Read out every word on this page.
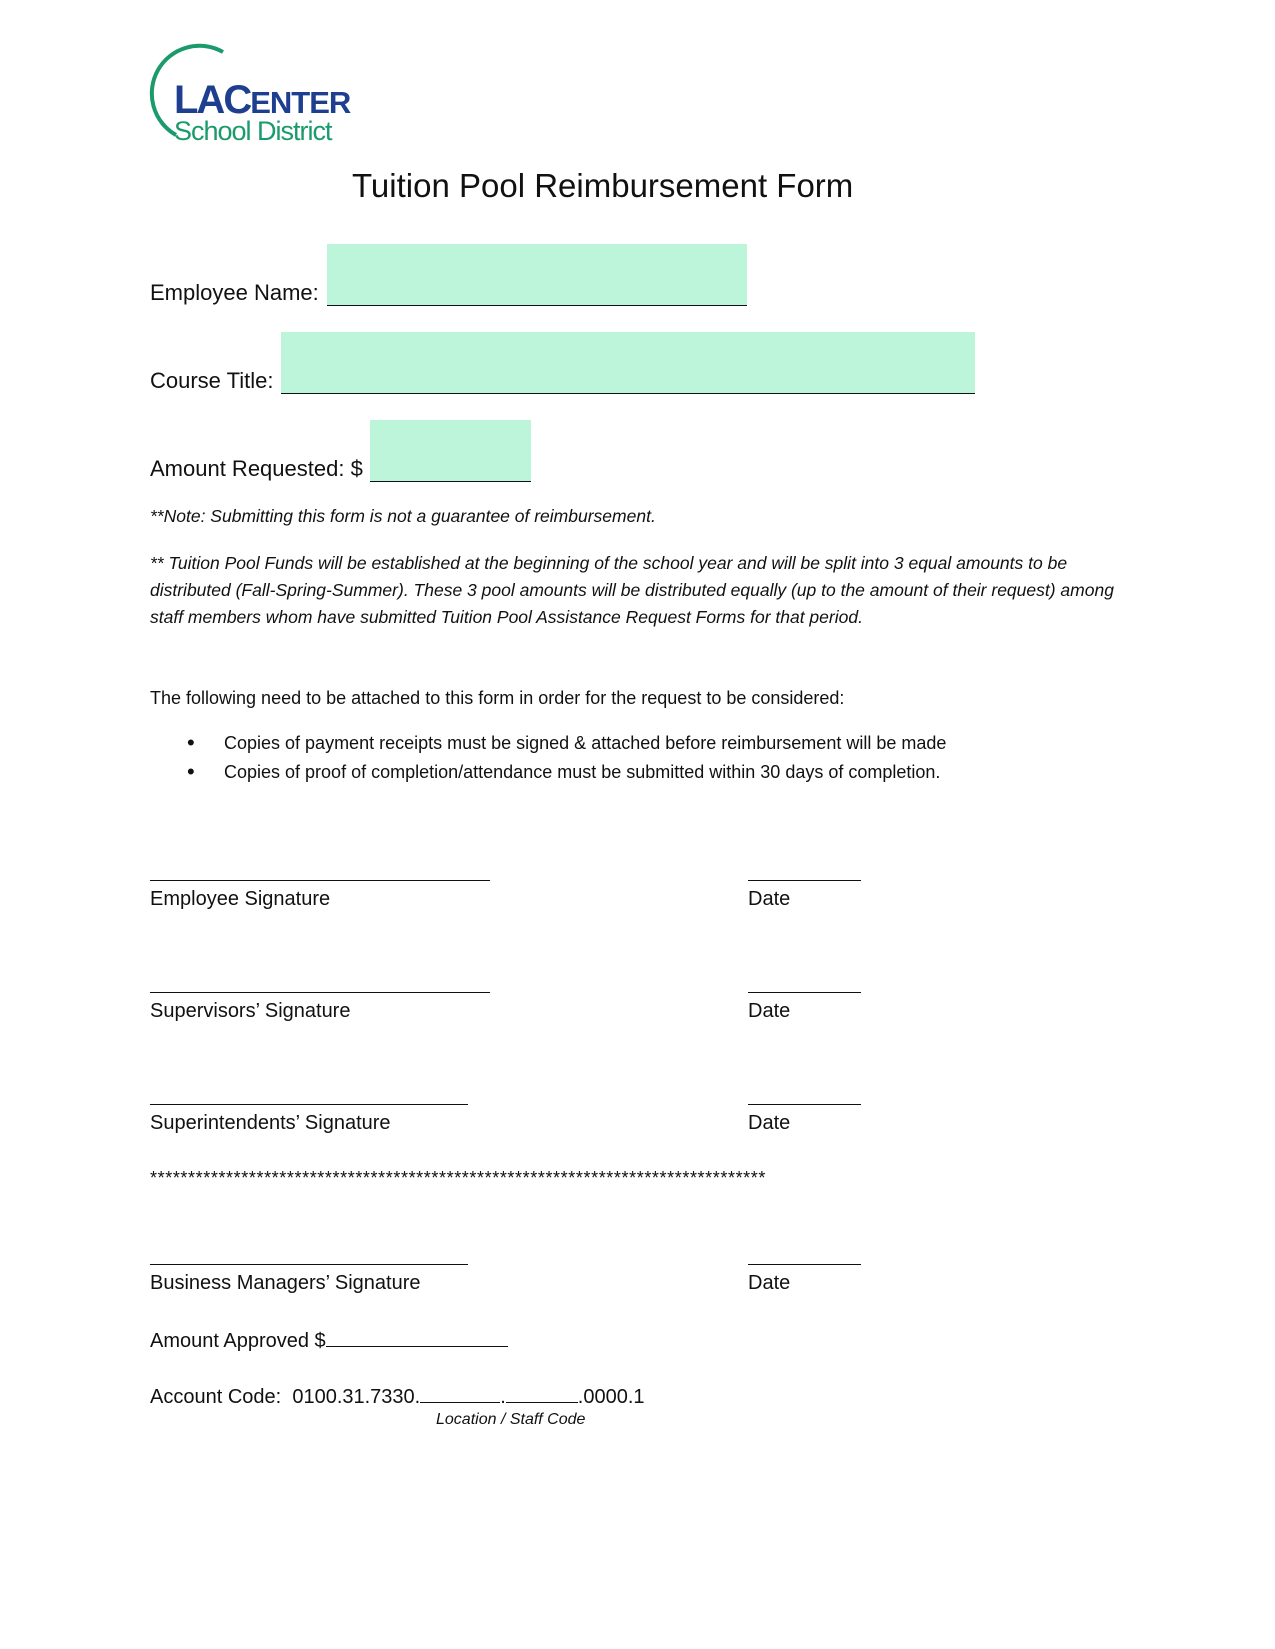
LACENTER
School District
Tuition Pool Reimbursement Form
Employee Name:
Course Title:
Amount Requested: $
**Note: Submitting this form is not a guarantee of reimbursement.
** Tuition Pool Funds will be established at the beginning of the school year and will be split into 3 equal amounts to be distributed (Fall-Spring-Summer). These 3 pool amounts will be distributed equally (up to the amount of their request) among staff members whom have submitted Tuition Pool Assistance Request Forms for that period.
The following need to be attached to this form in order for the request to be considered:
• Copies of payment receipts must be signed & attached before reimbursement will be made
• Copies of proof of completion/attendance must be submitted within 30 days of completion.
Employee Signature	Date
Supervisors’ Signature	Date
Superintendents’ Signature	Date
*********************************************************************************
Business Managers’ Signature	Date
Amount Approved $
Account Code: 0100.31.7330.	.	.0000.1
Location / Staff Code
